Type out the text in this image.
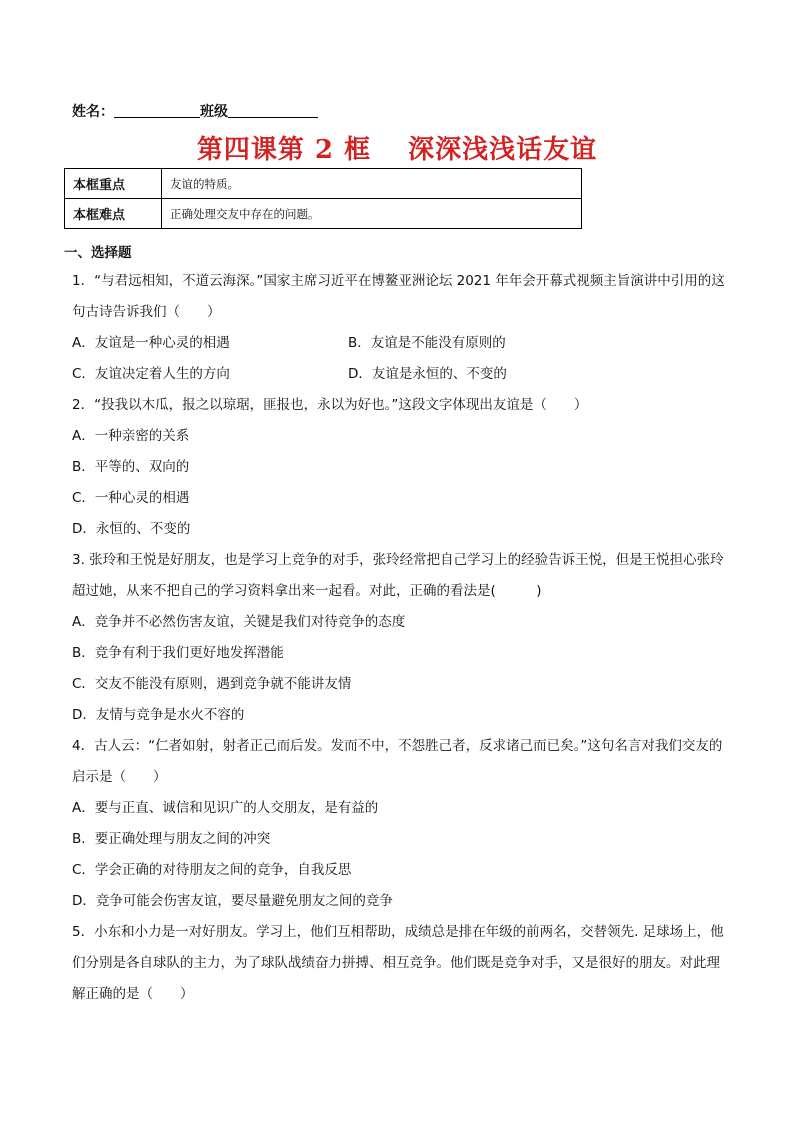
姓名：	班级
第四课第 2 框　 深深浅浅话友谊
本框重点	友谊的特质。
本框难点	正确处理交友中存在的问题。
一、选择题

1．“与君远相知，不道云海深。”国家主席习近平在博鳌亚洲论坛 2021 年年会开幕式视频主旨演讲中引用的这句古诗告诉我们（　　）

A．友谊是一种心灵的相遇	B．友谊是不能没有原则的

C．友谊决定着人生的方向	D．友谊是永恒的、不变的

2．“投我以木瓜，报之以琼琚，匪报也，永以为好也。”这段文字体现出友谊是（　　）

A．一种亲密的关系

B．平等的、双向的

C．一种心灵的相遇

D．永恒的、不变的

3. 张玲和王悦是好朋友，也是学习上竞争的对手，张玲经常把自己学习上的经验告诉王悦，但是王悦担心张玲超过她，从来不把自己的学习资料拿出来一起看。对此，正确的看法是(　　　)

A．竞争并不必然伤害友谊，关键是我们对待竞争的态度

B．竞争有利于我们更好地发挥潜能

C．交友不能没有原则，遇到竞争就不能讲友情

D．友情与竞争是水火不容的

4．古人云：“仁者如射，射者正己而后发。发而不中，不怨胜己者，反求诸己而已矣。”这句名言对我们交友的启示是（　　）

A．要与正直、诚信和见识广的人交朋友，是有益的

B．要正确处理与朋友之间的冲突

C．学会正确的对待朋友之间的竞争，自我反思

D．竞争可能会伤害友谊，要尽量避免朋友之间的竞争

5．小东和小力是一对好朋友。学习上，他们互相帮助，成绩总是排在年级的前两名，交替领先. 足球场上，他们分别是各自球队的主力，为了球队战绩奋力拼搏、相互竞争。他们既是竞争对手，又是很好的朋友。对此理解正确的是（　　）
